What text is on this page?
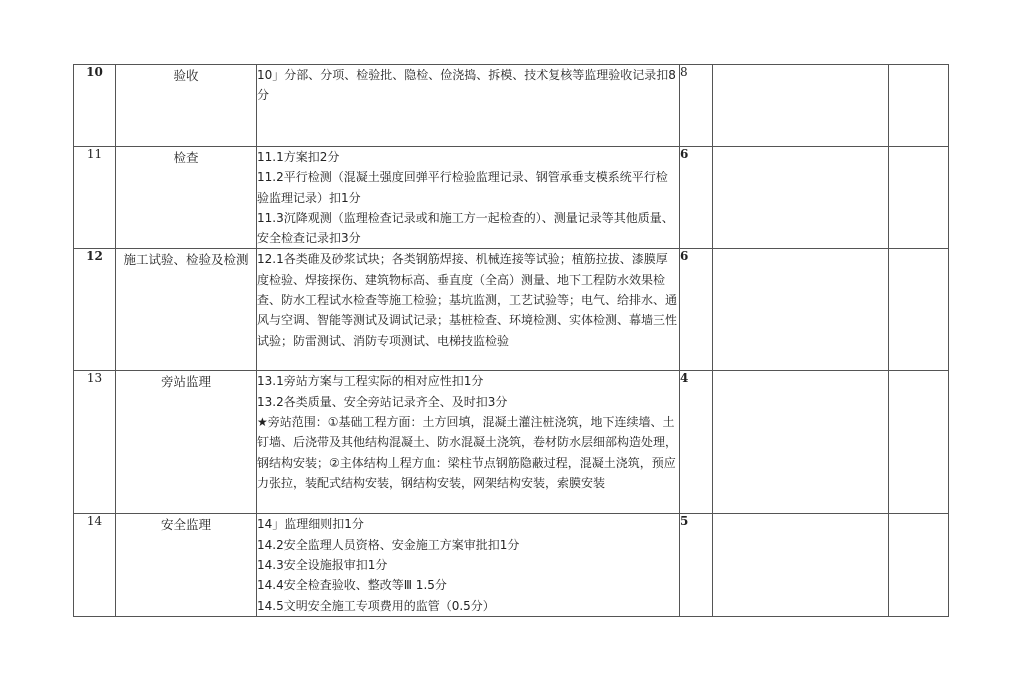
10	验收	10」分部、分项、检验批、隐检、俭浇捣、拆模、技术复核等监理验收记录扣8分	8		
11	检查	11.1方案扣2分
11.2平行检测（混凝土强度回弹平行检验监理记录、钢管承垂支模系统平行检验监理记录）扣1分
11.3沉降观测（监理检查记录或和施工方一起检查的）、测量记录等其他质量、安全检查记录扣3分	6		
12	施工试验、检验及检测	12.1各类碓及砂浆试块；各类钢筋焊接、机械连接等试验；植筋拉拔、漆膜厚度检验、焊接探伤、建筑物标高、垂直度（全高）测量、地下工程防水效果检查、防水工程试水检查等施工检验；基坑监测，工艺试验等；电气、给排水、通风与空调、智能等测试及调试记录；基桩检查、环境检测、实体检测、幕墙三性试验；防雷测试、消防专项测试、电梯技监检验	6		
13	旁站监理	13.1旁站方案与工程实际的相对应性扣1分
13.2各类质量、安全旁站记录齐全、及时扣3分
★旁站范围：①基础工程方面：土方回填，混凝土灌注桩浇筑，地下连续墙、土钉墙、后浇带及其他结构混凝土、防水混凝土浇筑，卷材防水层细部构造处理，钢结构安装；②主体结构丄程方血：梁柱节点钢筋隐蔽过程，混凝土浇筑，预应力张拉，装配式结构安装，钢结构安装，网架结构安装，索膜安装	4		
14	安全监理	14」监理细则扣1分
14.2安全监理人员资格、安金施工方案审批扣1分
14.3安全设施报审扣1分
14.4安全检査验收、整改等Ⅲ 1.5分
14.5文明安全施工专项费用的监管（0.5分）	5		
